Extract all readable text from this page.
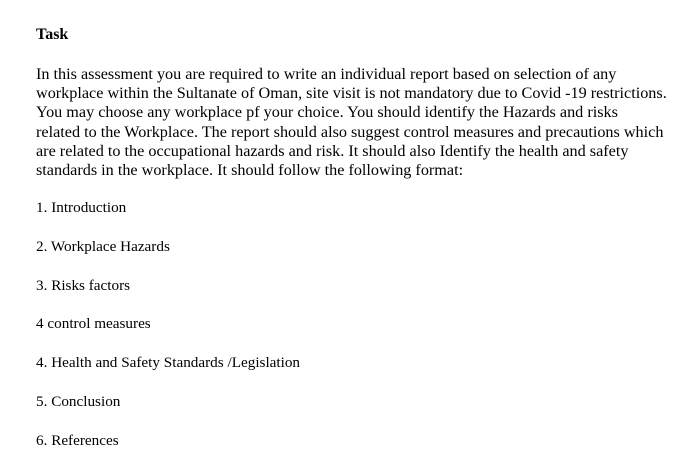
Task
In this assessment you are required to write an individual report based on selection of any
workplace within the Sultanate of Oman, site visit is not mandatory due to Covid -19 restrictions.
You may choose any workplace pf your choice. You should identify the Hazards and risks
related to the Workplace. The report should also suggest control measures and precautions which
are related to the occupational hazards and risk. It should also Identify the health and safety
standards in the workplace. It should follow the following format:
1. Introduction
2. Workplace Hazards
3. Risks factors
4 control measures
4. Health and Safety Standards /Legislation
5. Conclusion
6. References
